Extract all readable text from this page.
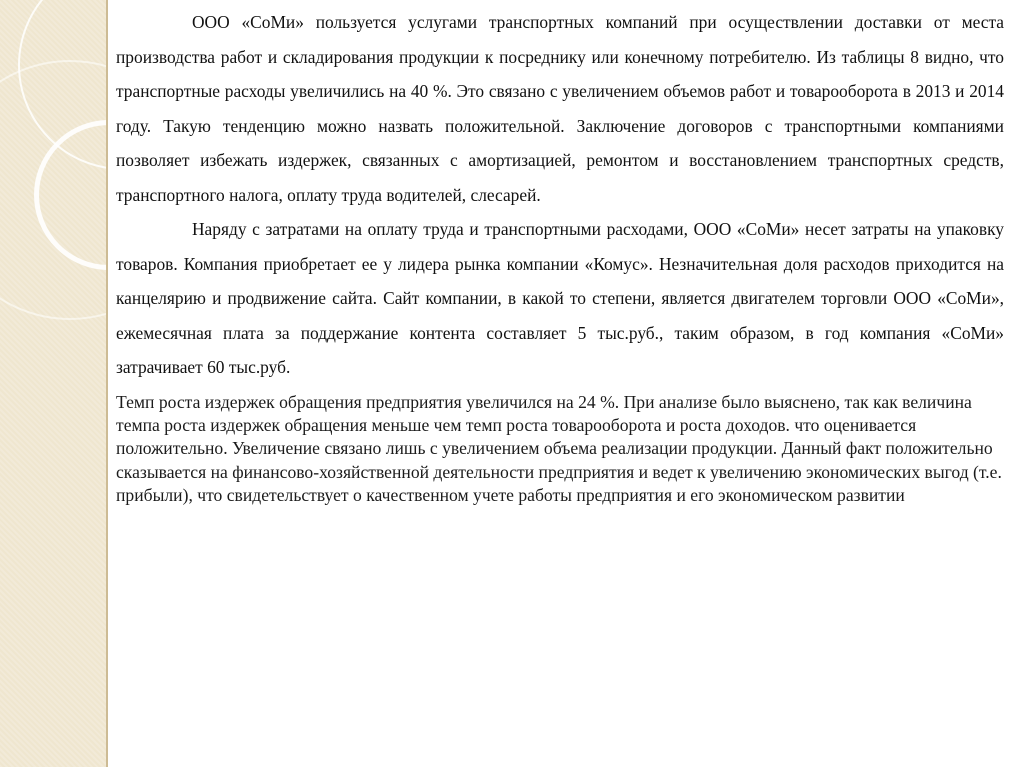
ООО «СоМи» пользуется услугами транспортных компаний при осуществлении доставки от места производства работ и складирования продукции к посреднику или конечному потребителю. Из таблицы 8 видно, что транспортные расходы увеличились на 40 %. Это связано с увеличением объемов работ и товарооборота в 2013 и 2014 году. Такую тенденцию можно назвать положительной. Заключение договоров с транспортными компаниями позволяет избежать издержек, связанных с амортизацией, ремонтом и восстановлением транспортных средств, транспортного налога, оплату труда водителей, слесарей.

Наряду с затратами на оплату труда и транспортными расходами, ООО «СоМи» несет затраты на упаковку товаров. Компания приобретает ее у лидера рынка компании «Комус». Незначительная доля расходов приходится на канцелярию и продвижение сайта. Сайт компании, в какой то степени, является двигателем торговли ООО «СоМи», ежемесячная плата за поддержание контента составляет 5 тыс.руб., таким образом, в год компания «СоМи» затрачивает 60 тыс.руб.

Темп роста издержек обращения предприятия увеличился на 24 %. При анализе было выяснено, так как величина темпа роста издержек обращения меньше чем темп роста товарооборота и роста доходов. что оценивается положительно. Увеличение связано лишь с увеличением объема реализации продукции. Данный факт положительно сказывается на финансово-хозяйственной деятельности предприятия и ведет к увеличению экономических выгод (т.е. прибыли), что свидетельствует о качественном учете работы предприятия и его экономическом развитии
